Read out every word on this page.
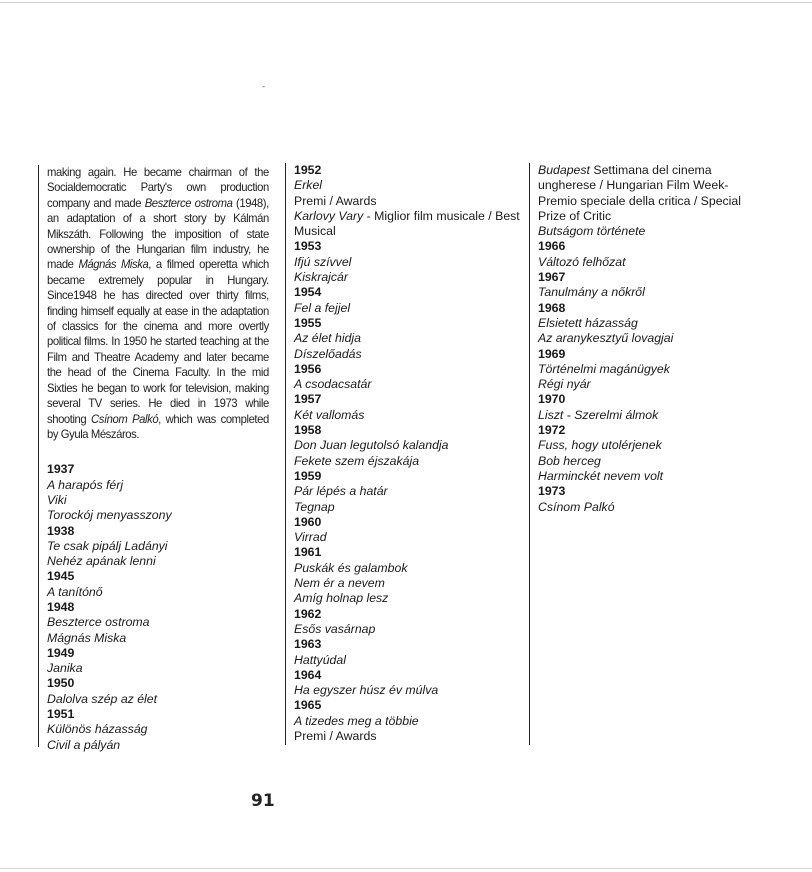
‐

making again. He became chairman of the Socialdemocratic Party's own production company and made Beszterce ostroma (1948), an adaptation of a short story by Kálmán Mikszáth. Following the imposition of state ownership of the Hungarian film industry, he made Mágnás Miska, a filmed operetta which became extremely popular in Hungary. Since1948 he has directed over thirty films, finding himself equally at ease in the adaptation of classics for the cinema and more overtly political films. In 1950 he started teaching at the Film and Theatre Academy and later became the head of the Cinema Faculty. In the mid Sixties he began to work for television, making several TV series. He died in 1973 while shooting Csínom Palkó, which was completed by Gyula Mészáros.

1937
A harapós férj
Viki
Torockój menyasszony
1938
Te csak pipálj Ladányi
Nehéz apának lenni
1945
A tanítónő
1948
Beszterce ostroma
Mágnás Miska
1949
Janika
1950
Dalolva szép az élet
1951
Különös házasság
Civil a pályán
1952
Erkel
Premi / Awards
Karlovy Vary - Miglior film musicale / Best Musical
1953
Ifjú szívvel
Kiskrajcár
1954
Fel a fejjel
1955
Az élet hidja
Díszelőadás
1956
A csodacsatár
1957
Két vallomás
1958
Don Juan legutolsó kalandja
Fekete szem éjszakája
1959
Pár lépés a határ
Tegnap
1960
Virrad
1961
Puskák és galambok
Nem ér a nevem
Amíg holnap lesz
1962
Esős vasárnap
1963
Hattyúdal
1964
Ha egyszer húsz év múlva
1965
A tizedes meg a többie
Premi / Awards
Budapest Settimana del cinema ungherese / Hungarian Film Week- Premio speciale della critica / Special Prize of Critic
Butságom története
1966
Változó felhőzat
1967
Tanulmány a nőkről
1968
Elsietett házasság
Az aranykesztyű lovagjai
1969
Történelmi magánügyek
Régi nyár
1970
Liszt - Szerelmi álmok
1972
Fuss, hogy utolérjenek
Bob herceg
Harminckét nevem volt
1973
Csínom Palkó
91
